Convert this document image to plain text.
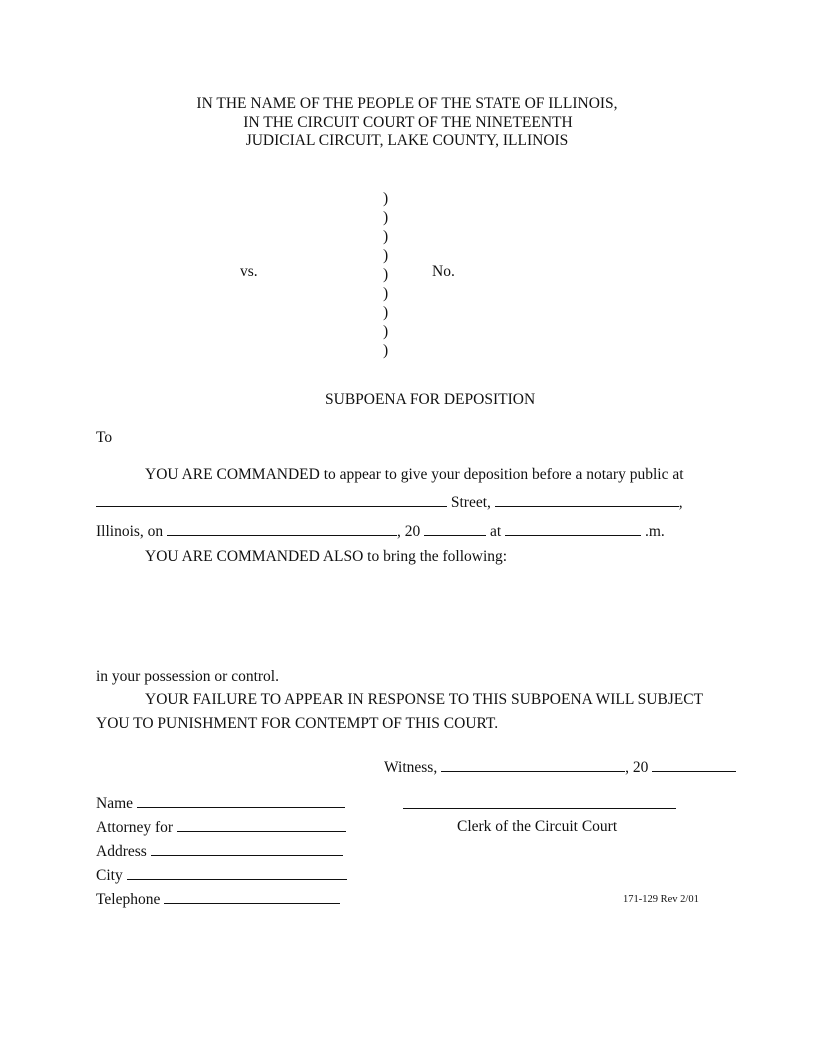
IN THE NAME OF THE PEOPLE OF THE STATE OF ILLINOIS,
IN THE CIRCUIT COURT OF THE NINETEENTH
JUDICIAL CIRCUIT, LAKE COUNTY, ILLINOIS
)
)
)
)
)
)
)
)
)
vs.	No.
SUBPOENA FOR DEPOSITION
To
YOU ARE COMMANDED to appear to give your deposition before a notary public at
Street,	,
Illinois, on	, 20	at	.m.
YOU ARE COMMANDED ALSO to bring the following:
in your possession or control.
YOUR FAILURE TO APPEAR IN RESPONSE TO THIS SUBPOENA WILL SUBJECT
YOU TO PUNISHMENT FOR CONTEMPT OF THIS COURT.
Witness,	, 20
Name
Attorney for
Address
City
Telephone
Clerk of the Circuit Court
171-129 Rev 2/01
